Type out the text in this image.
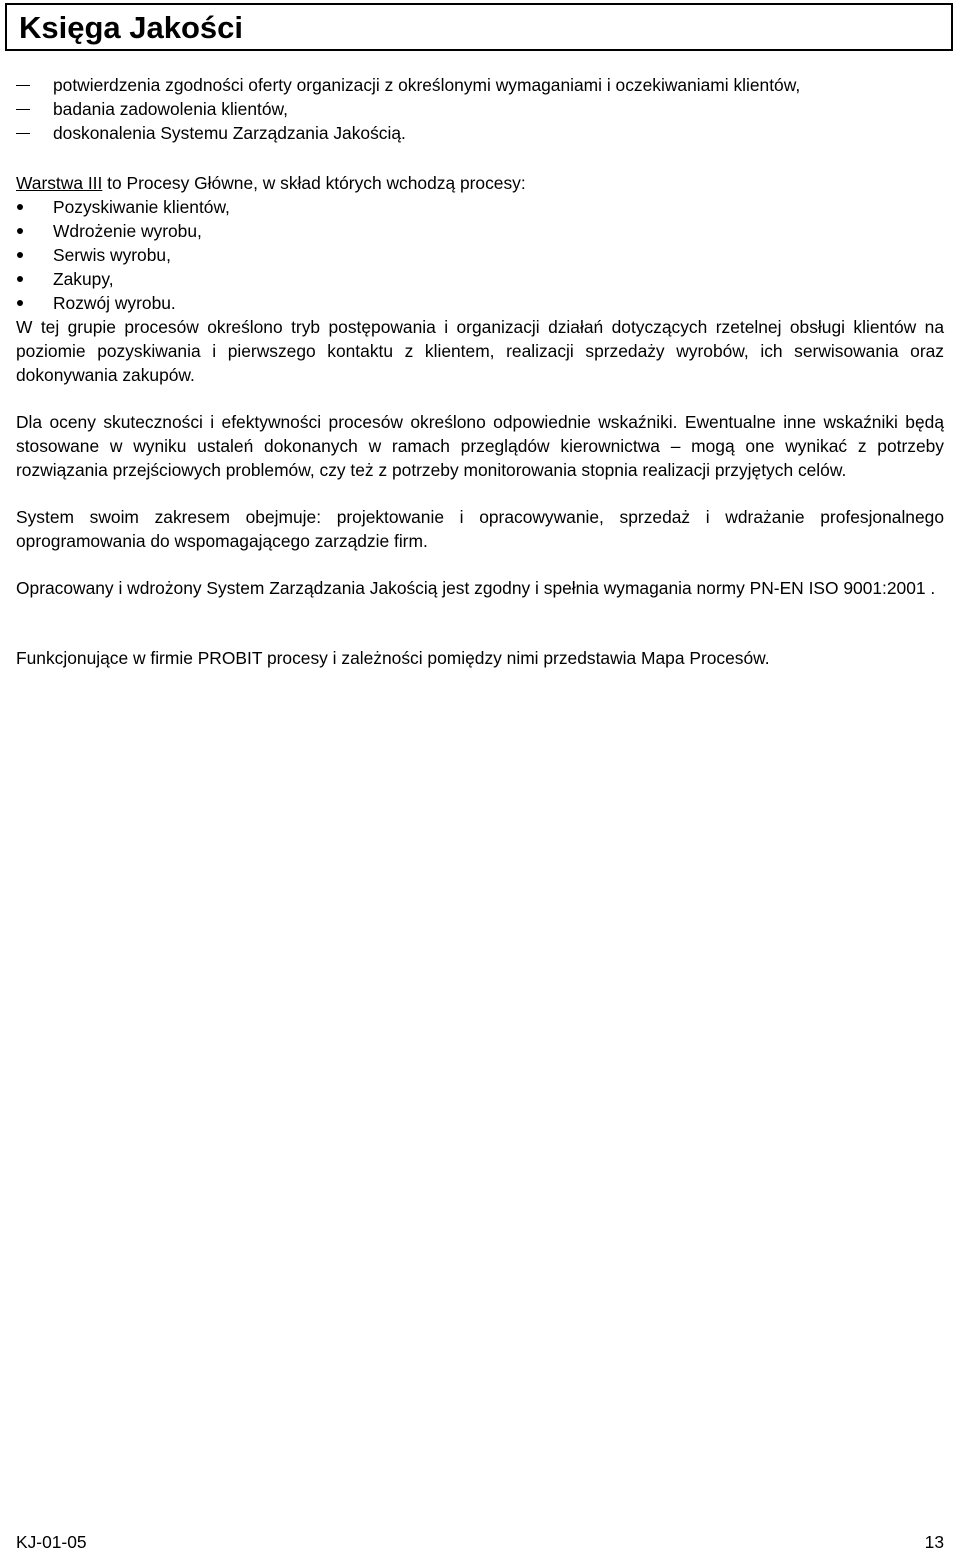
Księga Jakości
potwierdzenia zgodności oferty organizacji z określonymi wymaganiami i oczekiwaniami klientów,
badania zadowolenia klientów,
doskonalenia Systemu Zarządzania Jakością.
Warstwa III to Procesy Główne, w skład których wchodzą procesy:
Pozyskiwanie klientów,
Wdrożenie wyrobu,
Serwis wyrobu,
Zakupy,
Rozwój wyrobu.

W tej grupie procesów określono tryb postępowania i organizacji działań dotyczących rzetelnej obsługi klientów na poziomie pozyskiwania i pierwszego kontaktu z klientem, realizacji sprzedaży wyrobów, ich serwisowania oraz dokonywania zakupów.

Dla oceny skuteczności i efektywności procesów określono odpowiednie wskaźniki. Ewentualne inne wskaźniki będą stosowane w wyniku ustaleń dokonanych w ramach przeglądów kierownictwa – mogą one wynikać z potrzeby rozwiązania przejściowych problemów, czy też z potrzeby monitorowania stopnia realizacji przyjętych celów.

System swoim zakresem obejmuje: projektowanie i opracowywanie, sprzedaż i wdrażanie profesjonalnego oprogramowania do wspomagającego zarządzie firm.

Opracowany i wdrożony System Zarządzania Jakością jest zgodny i spełnia wymagania normy PN-EN ISO 9001:2001 .

Funkcjonujące w firmie PROBIT procesy i zależności pomiędzy nimi przedstawia Mapa Procesów.

KJ-01-05	13
